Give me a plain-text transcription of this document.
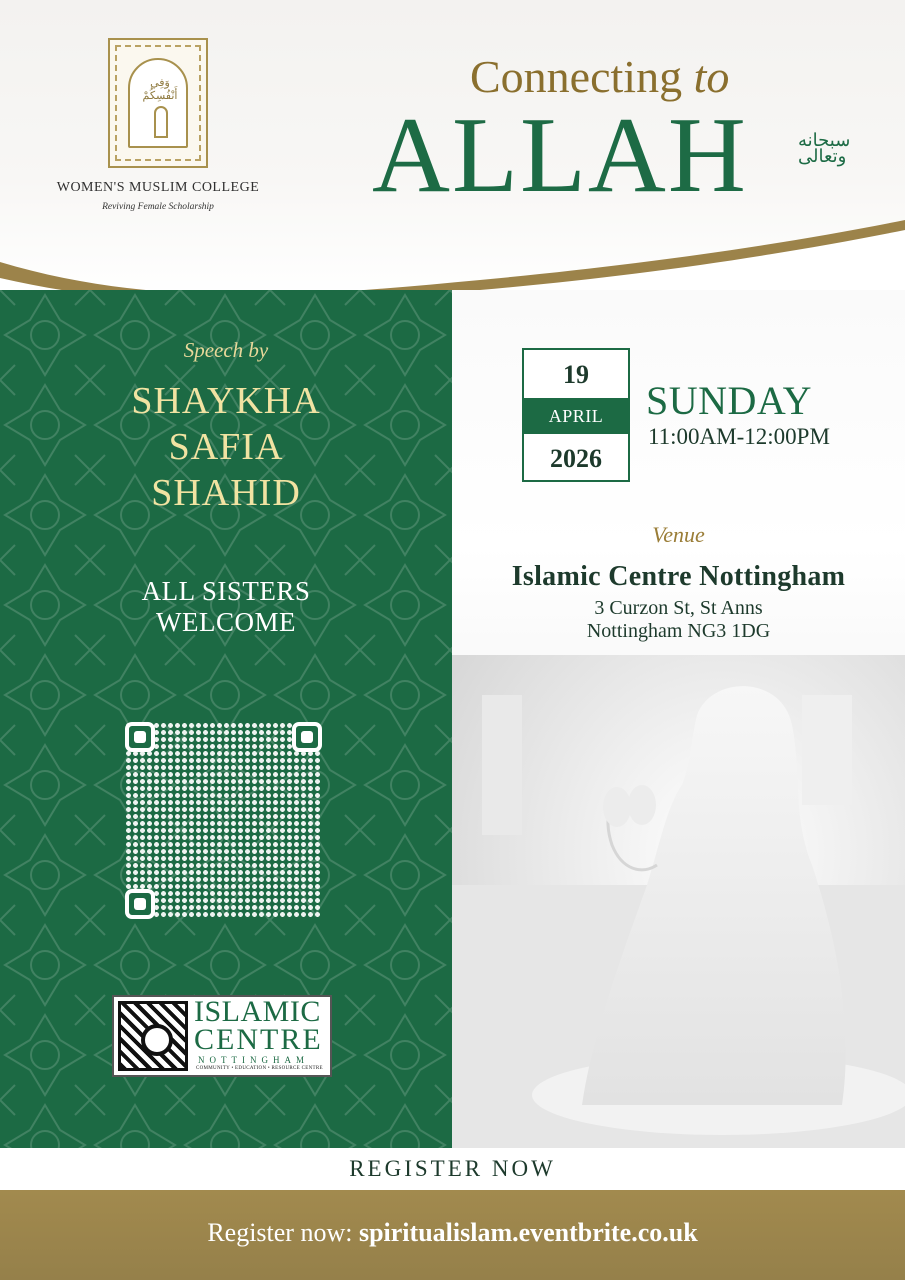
وَفِي أَنْفُسِكُمْ
WOMEN'S MUSLIM COLLEGE
Reviving Female Scholarship
Connecting to
ALLAH	سبحانه وتعالى
Speech by
SHAYKHA
SAFIA
SHAHID
ALL SISTERS
WELCOME
ISLAMIC
CENTRE
NOTTINGHAM
COMMUNITY • EDUCATION • RESOURCE CENTRE
19
APRIL
2026
SUNDAY
11:00AM-12:00PM
Venue
Islamic Centre Nottingham
3 Curzon St, St Anns
Nottingham NG3 1DG
REGISTER NOW
Register now: spiritualislam.eventbrite.co.uk
